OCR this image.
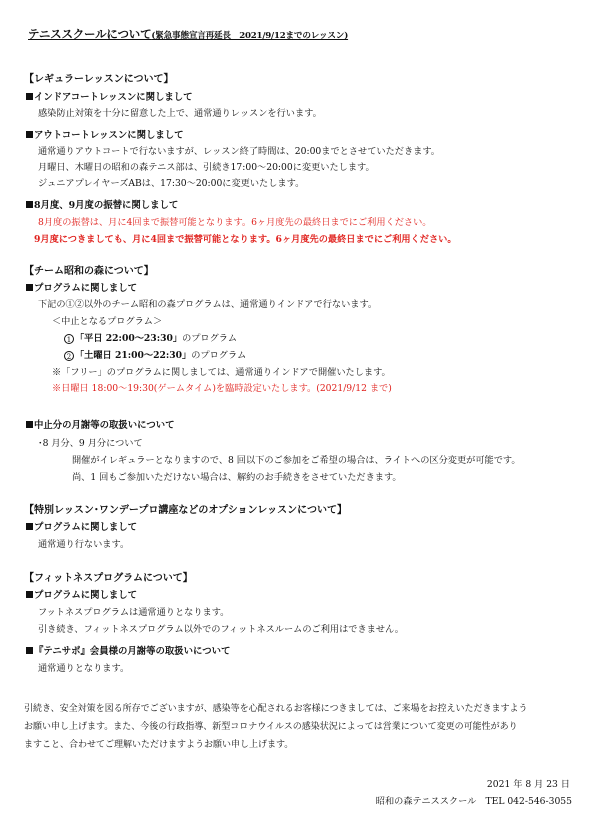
テニススクールについて(緊急事態宣言再延長　2021/9/12までのレッスン)
【レギュラーレッスンについて】
インドアコートレッスンに関しまして
感染防止対策を十分に留意した上で、通常通りレッスンを行います。
アウトコートレッスンに関しまして
通常通りアウトコートで行ないますが、レッスン終了時間は、20:00までとさせていただきます。
月曜日、木曜日の昭和の森テニス部は、引続き17:00～20:00に変更いたします。
ジュニアプレイヤーズABは、17:30～20:00に変更いたします。
8月度、9月度の振替に関しまして
8月度の振替は、月に4回まで振替可能となります。6ヶ月度先の最終日までにご利用ください。
9月度につきましても、月に4回まで振替可能となります。6ヶ月度先の最終日までにご利用ください。
【チーム昭和の森について】
プログラムに関しまして
下記の①②以外のチーム昭和の森プログラムは、通常通りインドアで行ないます。
＜中止となるプログラム＞
1 「平日 22:00～23:30」のプログラム
2 「土曜日 21:00～22:30」のプログラム
※「フリー」のプログラムに関しましては、通常通りインドアで開催いたします。
※日曜日 18:00～19:30(ゲームタイム)を臨時設定いたします。(2021/9/12 まで)
中止分の月謝等の取扱いについて
･8 月分、9 月分について
開催がイレギュラーとなりますので、8 回以下のご参加をご希望の場合は、ライトへの区分変更が可能です。
尚、1 回もご参加いただけない場合は、解約のお手続きをさせていただきます。
【特別レッスン･ワンデープロ講座などのオプションレッスンについて】
プログラムに関しまして
通常通り行ないます。
【フィットネスプログラムについて】
プログラムに関しまして
フットネスプログラムは通常通りとなります。
引き続き、フィットネスプログラム以外でのフィットネスルームのご利用はできません。
『テニサポ』会員様の月謝等の取扱いについて
通常通りとなります。
引続き、安全対策を図る所存でございますが、感染等を心配されるお客様につきましては、ご来場をお控えいただきますよう
お願い申し上げます。また、今後の行政指導、新型コロナウイルスの感染状況によっては営業について変更の可能性があり
ますこと、合わせてご理解いただけますようお願い申し上げます。
2021 年 8 月 23 日
昭和の森テニススクール　TEL 042-546-3055
